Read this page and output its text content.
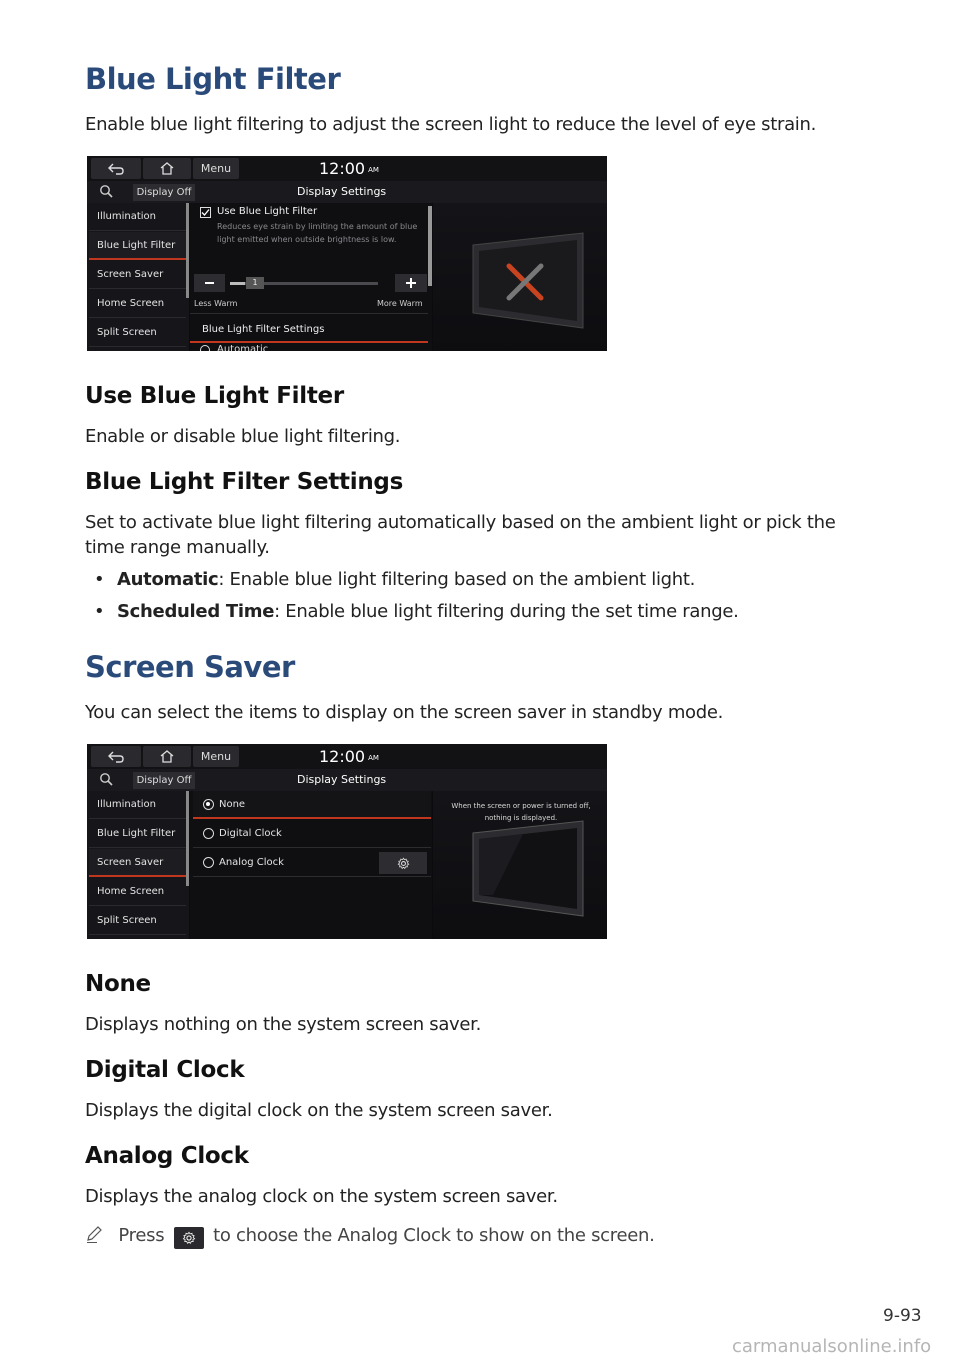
Blue Light Filter
Enable blue light filtering to adjust the screen light to reduce the level of eye strain.
Menu	12:00 AM
Display Off	Display Settings
Illumination
Blue Light Filter
Screen Saver
Home Screen
Split Screen
Use Blue Light Filter
Reduces eye strain by limiting the amount of blue light emitted when outside brightness is low.
1
Less Warm	More Warm
Blue Light Filter Settings
Automatic
Use Blue Light Filter
Enable or disable blue light filtering.
Blue Light Filter Settings
Set to activate blue light filtering automatically based on the ambient light or pick the time range manually.
• Automatic: Enable blue light filtering based on the ambient light.
• Scheduled Time: Enable blue light filtering during the set time range.
Screen Saver
You can select the items to display on the screen saver in standby mode.
Menu	12:00 AM
Display Off	Display Settings
Illumination
Blue Light Filter
Screen Saver
Home Screen
Split Screen
None
Digital Clock
Analog Clock
When the screen or power is turned off, nothing is displayed.
None
Displays nothing on the system screen saver.
Digital Clock
Displays the digital clock on the system screen saver.
Analog Clock
Displays the analog clock on the system screen saver.
Press	to choose the Analog Clock to show on the screen.
9-93
carmanualsonline.info
